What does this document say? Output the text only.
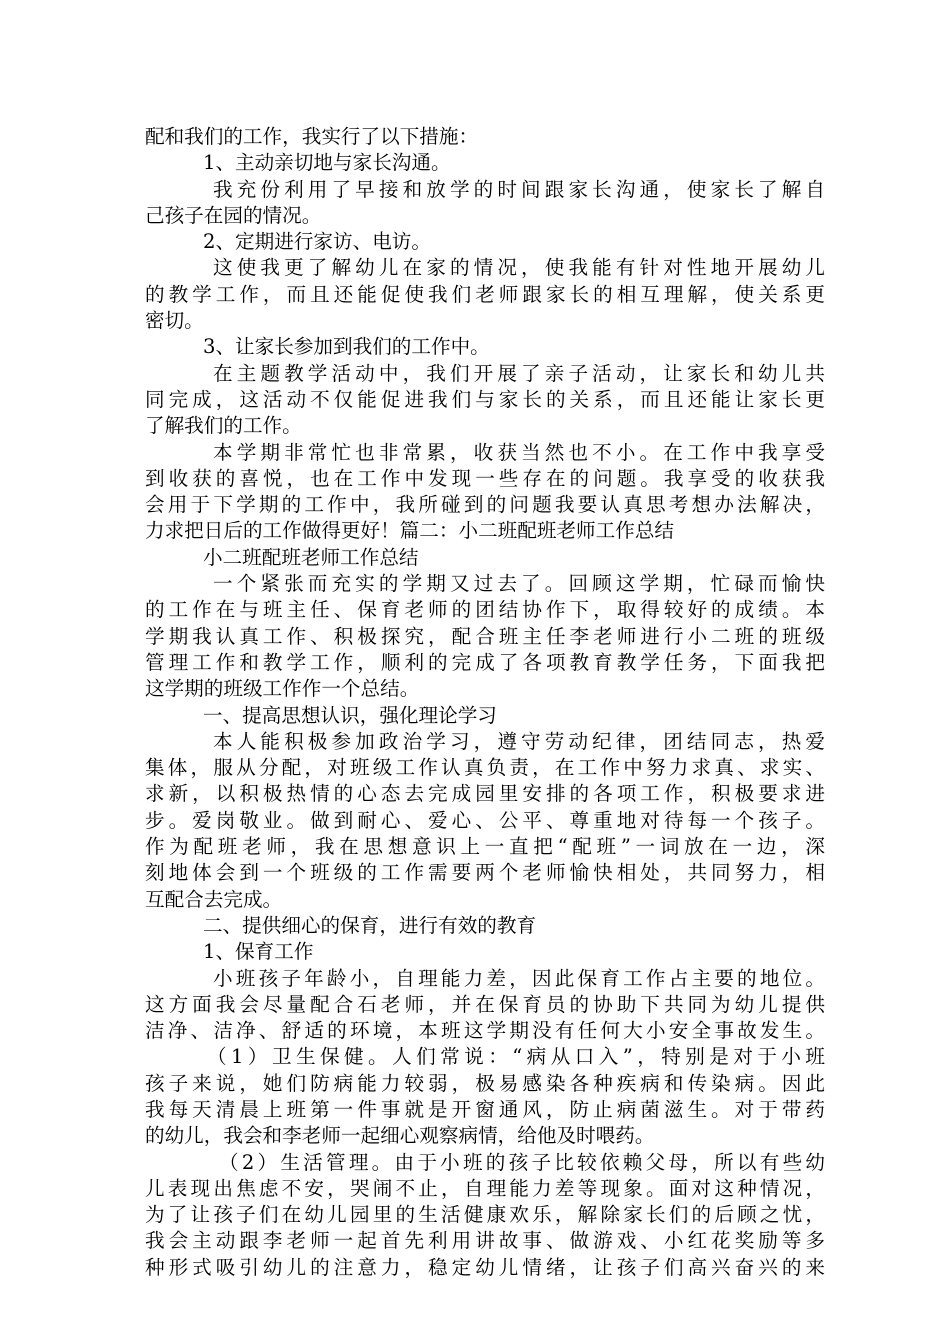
配和我们的工作，我实行了以下措施：
1、主动亲切地与家长沟通。
我充份利用了早接和放学的时间跟家长沟通，使家长了解自
己孩子在园的情况。
2、定期进行家访、电访。
这使我更了解幼儿在家的情况，使我能有针对性地开展幼儿
的教学工作，而且还能促使我们老师跟家长的相互理解，使关系更
密切。
3、让家长参加到我们的工作中。
在主题教学活动中，我们开展了亲子活动，让家长和幼儿共
同完成，这活动不仅能促进我们与家长的关系，而且还能让家长更
了解我们的工作。
本学期非常忙也非常累，收获当然也不小。在工作中我享受
到收获的喜悦，也在工作中发现一些存在的问题。我享受的收获我
会用于下学期的工作中，我所碰到的问题我要认真思考想办法解决，
力求把日后的工作做得更好！篇二：小二班配班老师工作总结
小二班配班老师工作总结
一个紧张而充实的学期又过去了。回顾这学期，忙碌而愉快
的工作在与班主任、保育老师的团结协作下，取得较好的成绩。本
学期我认真工作、积极探究，配合班主任李老师进行小二班的班级
管理工作和教学工作，顺利的完成了各项教育教学任务，下面我把
这学期的班级工作作一个总结。
一、提高思想认识，强化理论学习
本人能积极参加政治学习，遵守劳动纪律，团结同志，热爱
集体，服从分配，对班级工作认真负责，在工作中努力求真、求实、
求新，以积极热情的心态去完成园里安排的各项工作，积极要求进
步。爱岗敬业。做到耐心、爱心、公平、尊重地对待每一个孩子。
作为配班老师，我在思想意识上一直把“配班”一词放在一边，深
刻地体会到一个班级的工作需要两个老师愉快相处，共同努力，相
互配合去完成。
二、提供细心的保育，进行有效的教育
1、保育工作
小班孩子年龄小，自理能力差，因此保育工作占主要的地位。
这方面我会尽量配合石老师，并在保育员的协助下共同为幼儿提供
洁净、洁净、舒适的环境，本班这学期没有任何大小安全事故发生。
（1）卫生保健。人们常说：“病从口入”，特别是对于小班
孩子来说，她们防病能力较弱，极易感染各种疾病和传染病。因此
我每天清晨上班第一件事就是开窗通风，防止病菌滋生。对于带药
的幼儿，我会和李老师一起细心观察病情，给他及时喂药。
（2）生活管理。由于小班的孩子比较依赖父母，所以有些幼
儿表现出焦虑不安，哭闹不止，自理能力差等现象。面对这种情况，
为了让孩子们在幼儿园里的生活健康欢乐，解除家长们的后顾之忧，
我会主动跟李老师一起首先利用讲故事、做游戏、小红花奖励等多
种形式吸引幼儿的注意力，稳定幼儿情绪，让孩子们高兴奋兴的来
